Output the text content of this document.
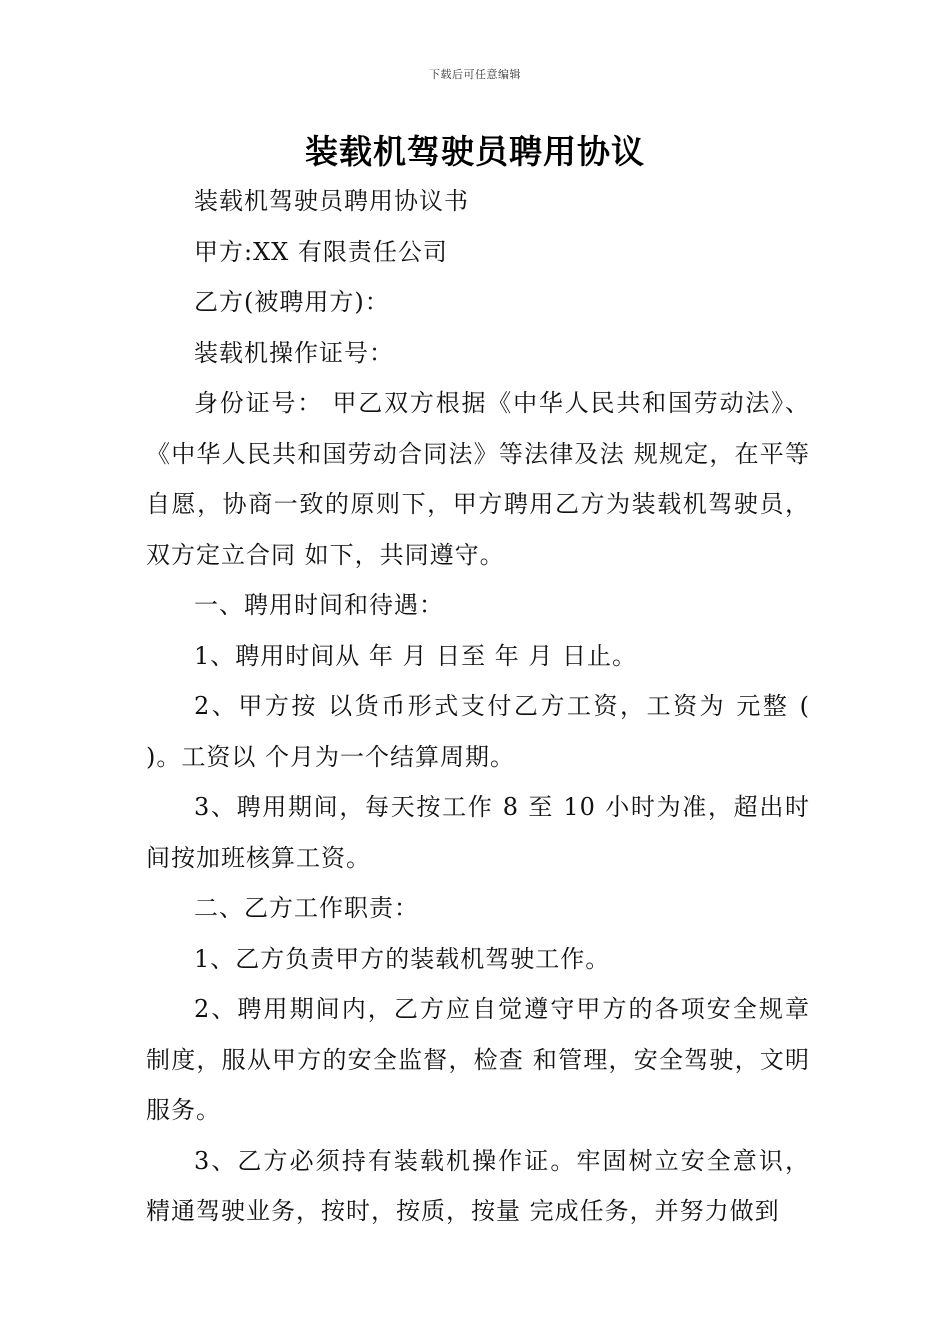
下载后可任意编辑
装载机驾驶员聘用协议

装载机驾驶员聘用协议书

甲方:XX 有限责任公司

乙方(被聘用方)：

装载机操作证号：

身份证号： 甲乙双方根据《中华人民共和国劳动法》、《中华人民共和国劳动合同法》等法律及法 规规定，在平等自愿，协商一致的原则下，甲方聘用乙方为装载机驾驶员，双方定立合同 如下，共同遵守。

一、聘用时间和待遇：

1、聘用时间从 年 月 日至 年 月 日止。

2、甲方按 以货币形式支付乙方工资，工资为 元整 ( )。工资以 个月为一个结算周期。

3、聘用期间，每天按工作 8 至 10 小时为准，超出时间按加班核算工资。

二、乙方工作职责：

1、乙方负责甲方的装载机驾驶工作。

2、聘用期间内，乙方应自觉遵守甲方的各项安全规章制度，服从甲方的安全监督，检查 和管理，安全驾驶，文明服务。

3、乙方必须持有装载机操作证。牢固树立安全意识，精通驾驶业务，按时，按质，按量 完成任务，并努力做到
